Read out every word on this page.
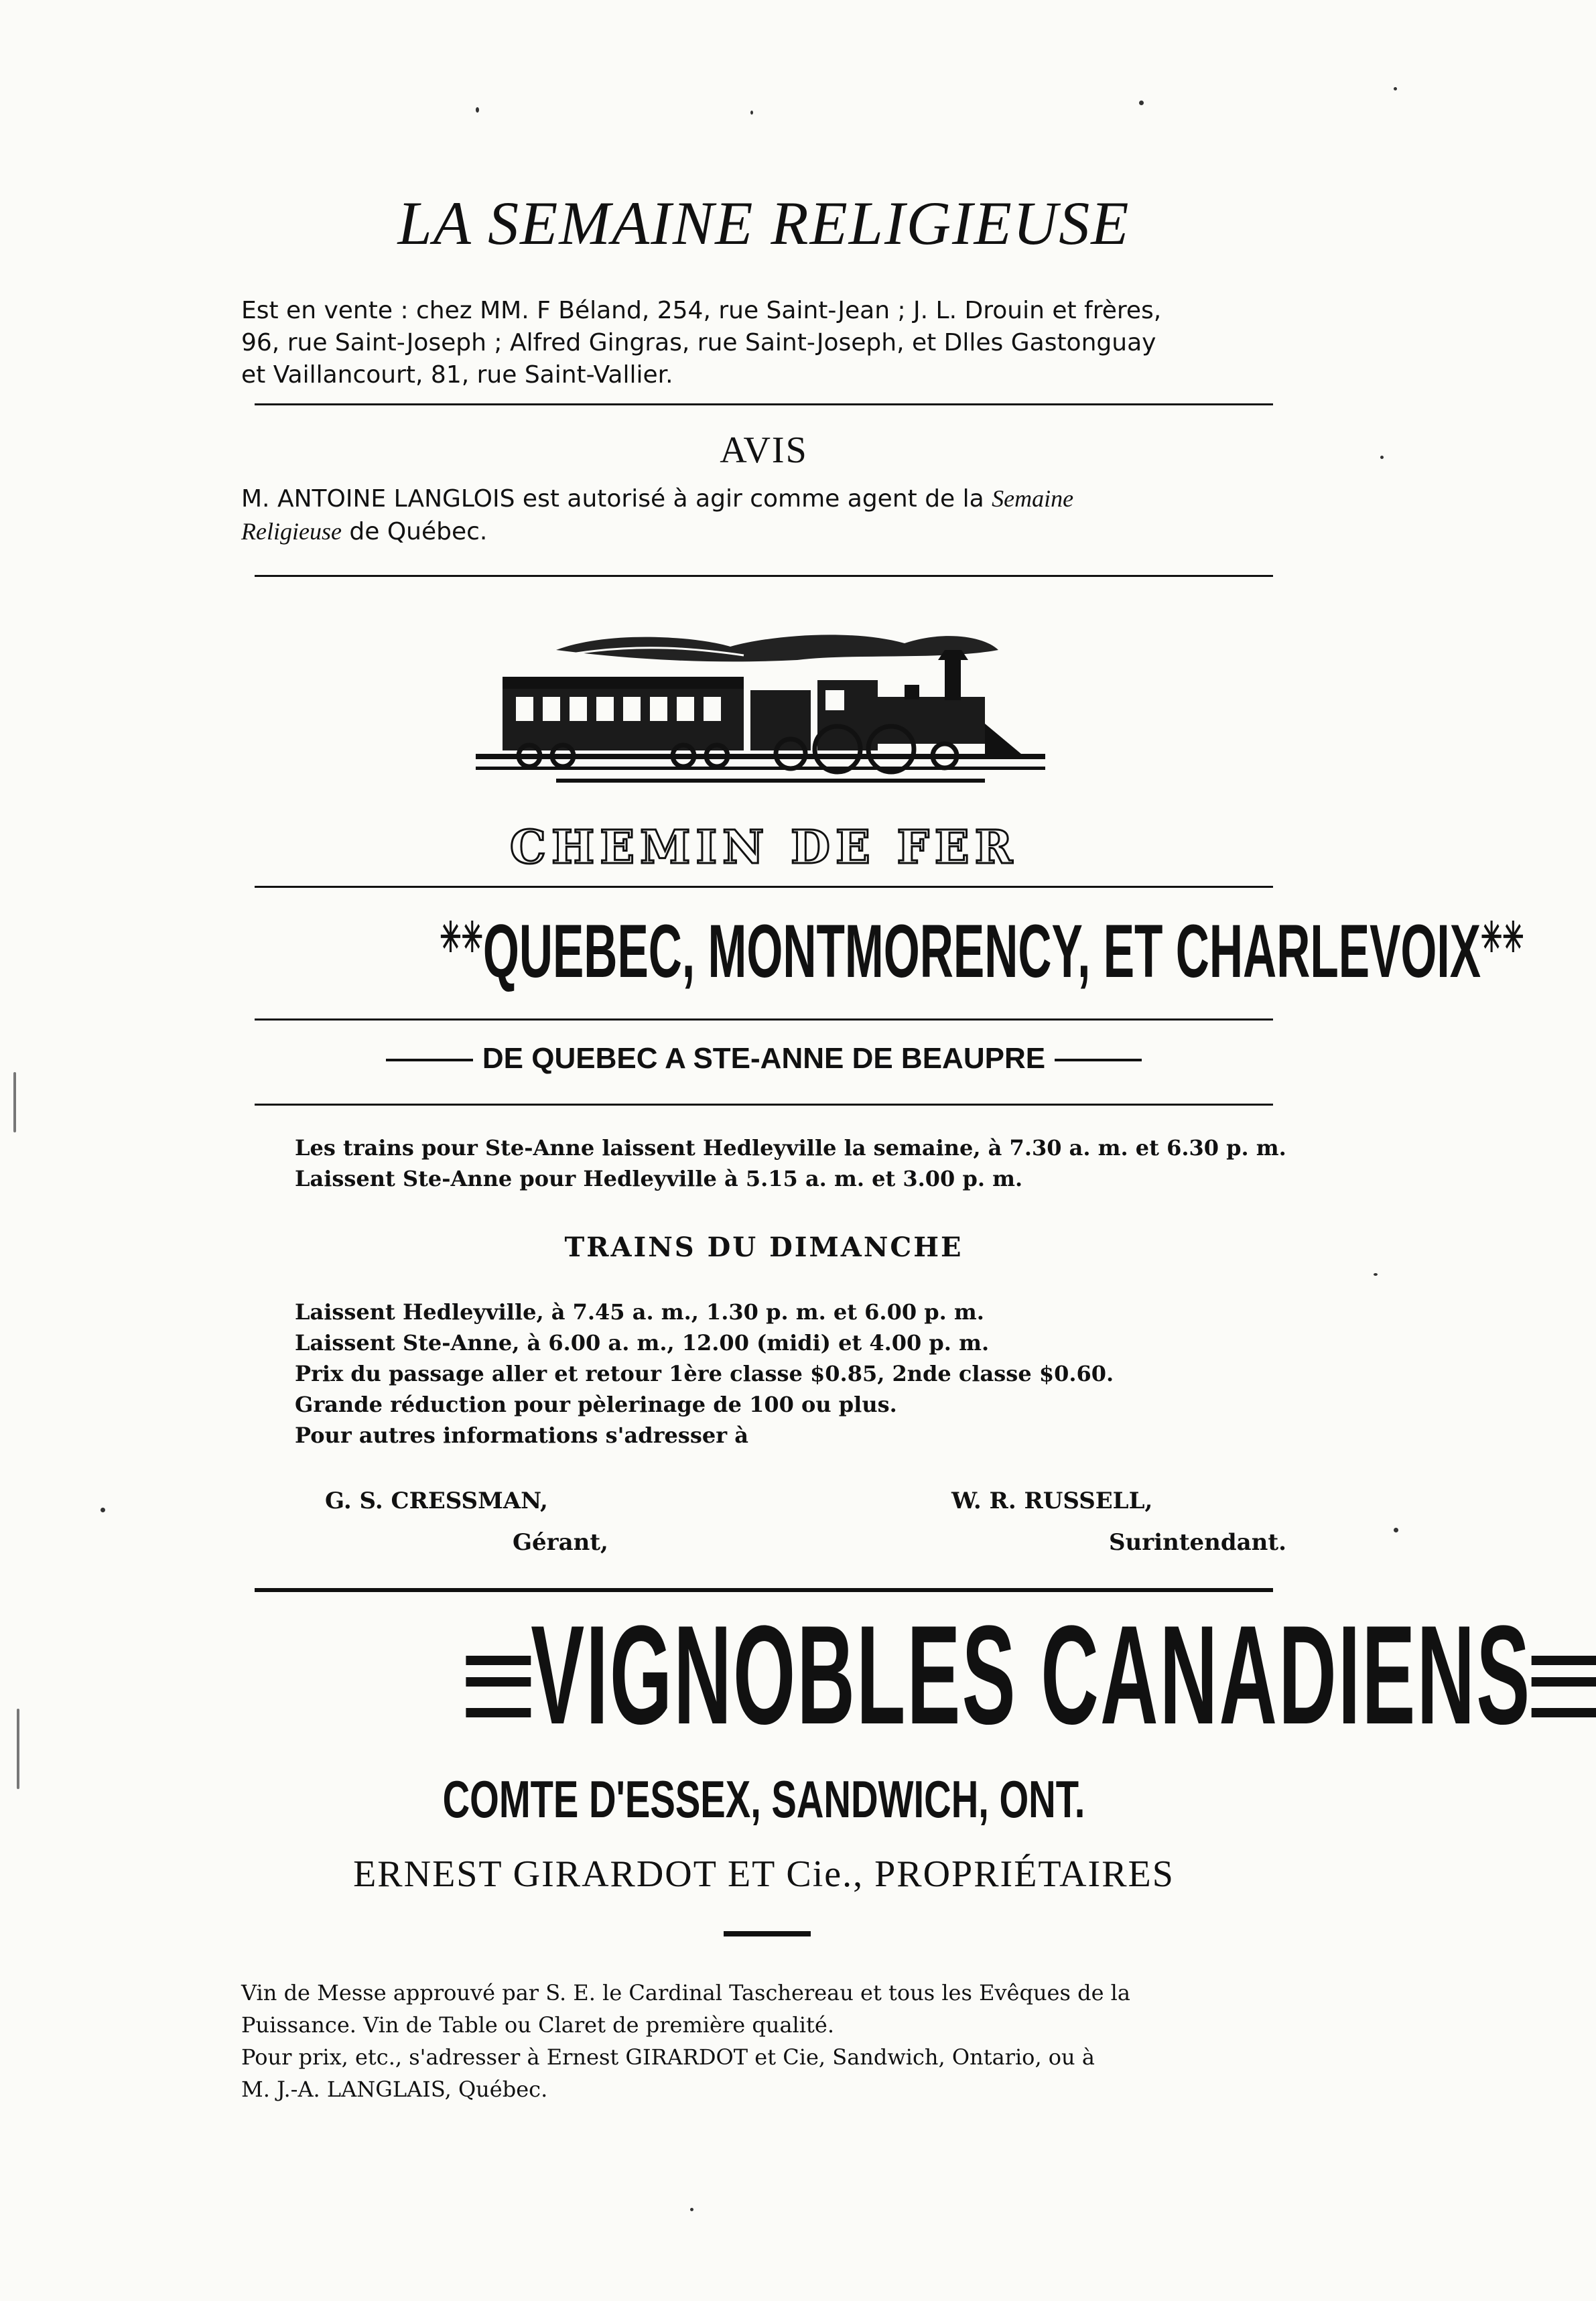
LA SEMAINE RELIGIEUSE
Est en vente : chez MM. F Béland, 254, rue Saint-Jean ; J. L. Drouin et frères,
96, rue Saint-Joseph ; Alfred Gingras, rue Saint-Joseph, et Dlles Gastonguay
et Vaillancourt, 81, rue Saint-Vallier.
AVIS
M. ANTOINE LANGLOIS est autorisé à agir comme agent de la Semaine
Religieuse de Québec.
CHEMIN DE FER
✳✳QUEBEC, MONTMORENCY, ET CHARLEVOIX✳✳
DE QUEBEC A STE-ANNE DE BEAUPRE
Les trains pour Ste-Anne laissent Hedleyville la semaine, à 7.30 a. m. et 6.30 p. m.
Laissent Ste-Anne pour Hedleyville à 5.15 a. m. et 3.00 p. m.
TRAINS DU DIMANCHE
Laissent Hedleyville, à 7.45 a. m., 1.30 p. m. et 6.00 p. m.
Laissent Ste-Anne, à 6.00 a. m., 12.00 (midi) et 4.00 p. m.
Prix du passage aller et retour 1ère classe $0.85, 2nde classe $0.60.
Grande réduction pour pèlerinage de 100 ou plus.
Pour autres informations s'adresser à
G. S. CRESSMAN,	W. R. RUSSELL,
Gérant,	Surintendant.
VIGNOBLES CANADIENS
COMTE D'ESSEX, SANDWICH, ONT.
ERNEST GIRARDOT ET Cie., PROPRIÉTAIRES
Vin de Messe approuvé par S. E. le Cardinal Taschereau et tous les Evêques de la
Puissance. Vin de Table ou Claret de première qualité.
Pour prix, etc., s'adresser à Ernest GIRARDOT et Cie, Sandwich, Ontario, ou à
M. J.-A. LANGLAIS, Québec.
